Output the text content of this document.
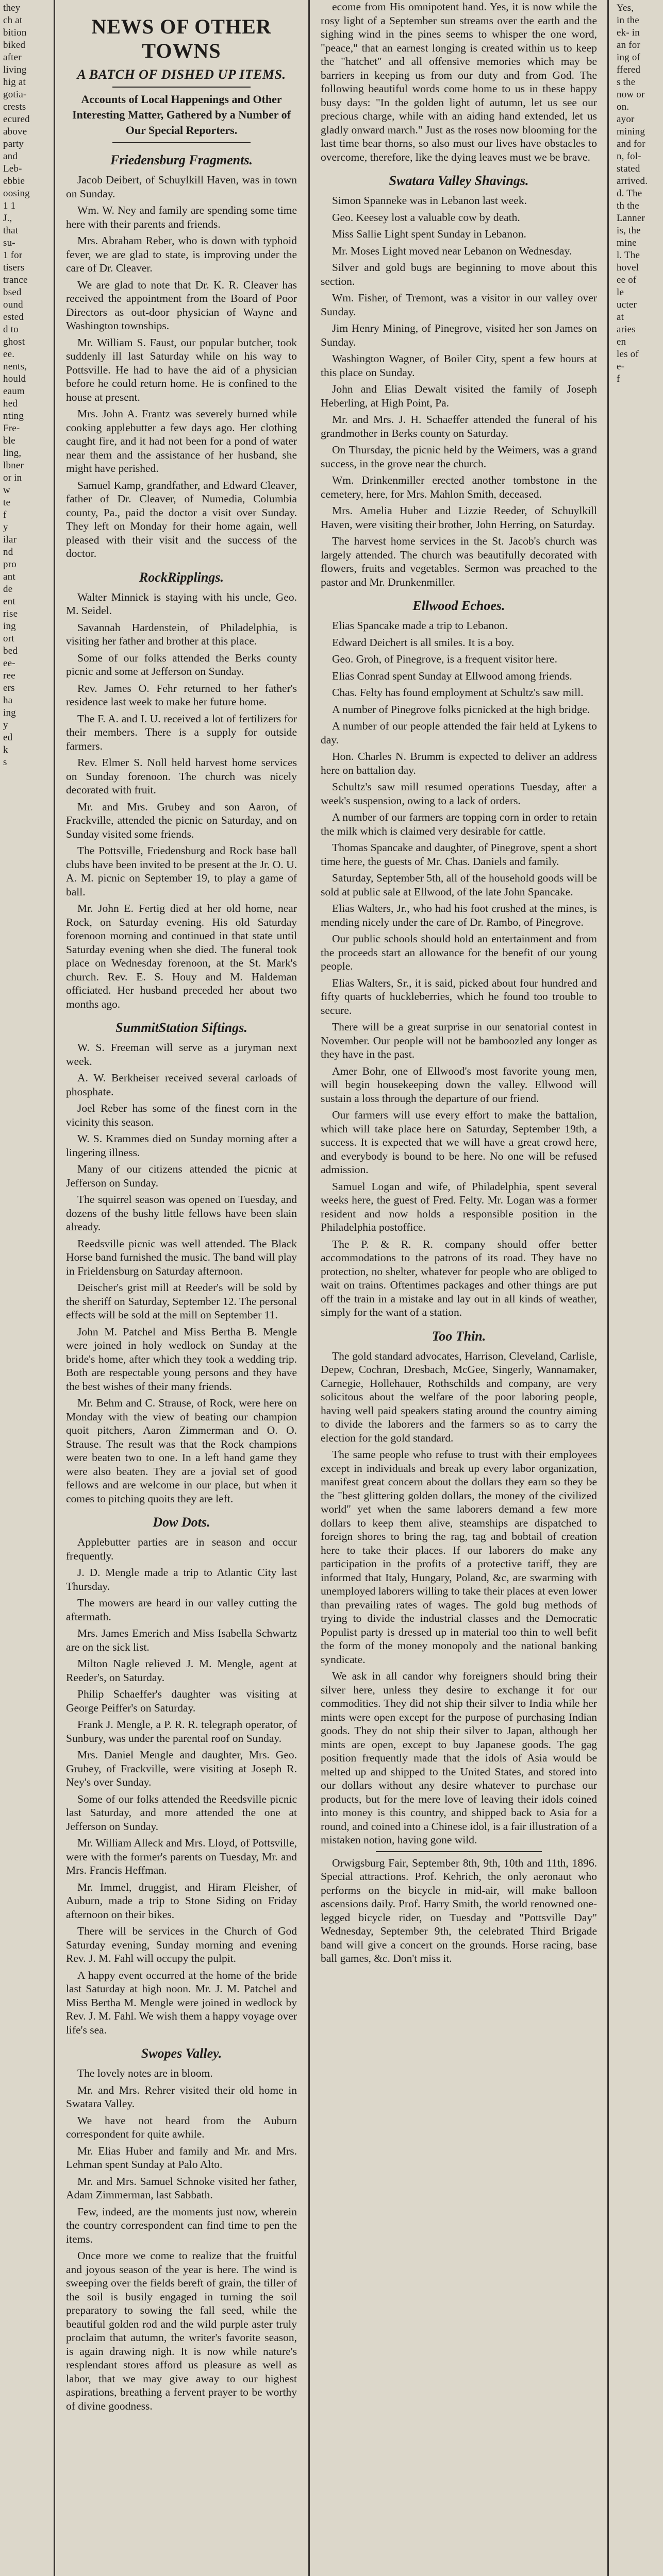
they
ch at
bition
biked
after
living
hig at
gotia-
crests
ecured
above
party
and
Leb-
ebbie
oosing
1 1
J.,
that
su-
1 for
tisers
trance
bsed
ound
ested
d to
ghost
ee.
nents,
hould
eaum
hed
nting
Fre-
ble
ling,
lbner
or in
w
te
f
y
ilar
nd
pro
ant
de
ent
rise
ing
ort
bed
ee-
ree
ers
ha
ing
y
ed
k
s
NEWS OF OTHER TOWNS
A BATCH OF DISHED UP ITEMS.
Accounts of Local Happenings and Other Interesting Matter, Gathered by a Number of Our Special Reporters.
Friedensburg Fragments.

Jacob Deibert, of Schuylkill Haven, was in town on Sunday.

Wm. W. Ney and family are spending some time here with their parents and friends.

Mrs. Abraham Reber, who is down with typhoid fever, we are glad to state, is improving under the care of Dr. Cleaver.

We are glad to note that Dr. K. R. Cleaver has received the appointment from the Board of Poor Directors as out-door physician of Wayne and Washington townships.

Mr. William S. Faust, our popular butcher, took suddenly ill last Saturday while on his way to Pottsville. He had to have the aid of a physician before he could return home. He is confined to the house at present.

Mrs. John A. Frantz was severely burned while cooking applebutter a few days ago. Her clothing caught fire, and it had not been for a pond of water near them and the assistance of her husband, she might have perished.

Samuel Kamp, grandfather, and Edward Cleaver, father of Dr. Cleaver, of Numedia, Columbia county, Pa., paid the doctor a visit over Sunday. They left on Monday for their home again, well pleased with their visit and the success of the doctor.

RockRipplings.

Walter Minnick is staying with his uncle, Geo. M. Seidel.

Savannah Hardenstein, of Philadelphia, is visiting her father and brother at this place.

Some of our folks attended the Berks county picnic and some at Jefferson on Sunday.

Rev. James O. Fehr returned to her father's residence last week to make her future home.

The F. A. and I. U. received a lot of fertilizers for their members. There is a supply for outside farmers.

Rev. Elmer S. Noll held harvest home services on Sunday forenoon. The church was nicely decorated with fruit.

Mr. and Mrs. Grubey and son Aaron, of Frackville, attended the picnic on Saturday, and on Sunday visited some friends.

The Pottsville, Friedensburg and Rock base ball clubs have been invited to be present at the Jr. O. U. A. M. picnic on September 19, to play a game of ball.

Mr. John E. Fertig died at her old home, near Rock, on Saturday evening. His old Saturday forenoon morning and continued in that state until Saturday evening when she died. The funeral took place on Wednesday forenoon, at the St. Mark's church. Rev. E. S. Houy and M. Haldeman officiated. Her husband preceded her about two months ago.

SummitStation Siftings.

W. S. Freeman will serve as a juryman next week.

A. W. Berkheiser received several carloads of phosphate.

Joel Reber has some of the finest corn in the vicinity this season.

W. S. Krammes died on Sunday morning after a lingering illness.

Many of our citizens attended the picnic at Jefferson on Sunday.

The squirrel season was opened on Tuesday, and dozens of the bushy little fellows have been slain already.

Reedsville picnic was well attended. The Black Horse band furnished the music. The band will play in Frieldensburg on Saturday afternoon.

Deischer's grist mill at Reeder's will be sold by the sheriff on Saturday, September 12. The personal effects will be sold at the mill on September 11.

John M. Patchel and Miss Bertha B. Mengle were joined in holy wedlock on Sunday at the bride's home, after which they took a wedding trip. Both are respectable young persons and they have the best wishes of their many friends.

Mr. Behm and C. Strause, of Rock, were here on Monday with the view of beating our champion quoit pitchers, Aaron Zimmerman and O. O. Strause. The result was that the Rock champions were beaten two to one. In a left hand game they were also beaten. They are a jovial set of good fellows and are welcome in our place, but when it comes to pitching quoits they are left.

Dow Dots.

Applebutter parties are in season and occur frequently.

J. D. Mengle made a trip to Atlantic City last Thursday.

The mowers are heard in our valley cutting the aftermath.

Mrs. James Emerich and Miss Isabella Schwartz are on the sick list.

Milton Nagle relieved J. M. Mengle, agent at Reeder's, on Saturday.

Philip Schaeffer's daughter was visiting at George Peiffer's on Saturday.

Frank J. Mengle, a P. R. R. telegraph operator, of Sunbury, was under the parental roof on Sunday.

Mrs. Daniel Mengle and daughter, Mrs. Geo. Grubey, of Frackville, were visiting at Joseph R. Ney's over Sunday.

Some of our folks attended the Reedsville picnic last Saturday, and more attended the one at Jefferson on Sunday.

Mr. William Alleck and Mrs. Lloyd, of Pottsville, were with the former's parents on Tuesday, Mr. and Mrs. Francis Heffman.

Mr. Immel, druggist, and Hiram Fleisher, of Auburn, made a trip to Stone Siding on Friday afternoon on their bikes.

There will be services in the Church of God Saturday evening, Sunday morning and evening Rev. J. M. Fahl will occupy the pulpit.

A happy event occurred at the home of the bride last Saturday at high noon. Mr. J. M. Patchel and Miss Bertha M. Mengle were joined in wedlock by Rev. J. M. Fahl. We wish them a happy voyage over life's sea.

Swopes Valley.

The lovely notes are in bloom.

Mr. and Mrs. Rehrer visited their old home in Swatara Valley.

We have not heard from the Auburn correspondent for quite awhile.

Mr. Elias Huber and family and Mr. and Mrs. Lehman spent Sunday at Palo Alto.

Mr. and Mrs. Samuel Schnoke visited her father, Adam Zimmerman, last Sabbath.

Few, indeed, are the moments just now, wherein the country correspondent can find time to pen the items.

Once more we come to realize that the fruitful and joyous season of the year is here. The wind is sweeping over the fields bereft of grain, the tiller of the soil is busily engaged in turning the soil preparatory to sowing the fall seed, while the beautiful golden rod and the wild purple aster truly proclaim that autumn, the writer's favorite season, is again drawing nigh. It is now while nature's resplendant stores afford us pleasure as well as labor, that we may give away to our highest aspirations, breathing a fervent prayer to be worthy of divine goodness.

ecome from His omnipotent hand. Yes, it is now while the rosy light of a September sun streams over the earth and the sighing wind in the pines seems to whisper the one word, "peace," that an earnest longing is created within us to keep the "hatchet" and all offensive memories which may be barriers in keeping us from our duty and from God. The following beautiful words come home to us in these happy busy days: "In the golden light of autumn, let us see our precious charge, while with an aiding hand extended, let us gladly onward march." Just as the roses now blooming for the last time bear thorns, so also must our lives have obstacles to overcome, therefore, like the dying leaves must we be brave.

Swatara Valley Shavings.

Simon Spanneke was in Lebanon last week.

Geo. Keesey lost a valuable cow by death.

Miss Sallie Light spent Sunday in Lebanon.

Mr. Moses Light moved near Lebanon on Wednesday.

Silver and gold bugs are beginning to move about this section.

Wm. Fisher, of Tremont, was a visitor in our valley over Sunday.

Jim Henry Mining, of Pinegrove, visited her son James on Sunday.

Washington Wagner, of Boiler City, spent a few hours at this place on Sunday.

John and Elias Dewalt visited the family of Joseph Heberling, at High Point, Pa.

Mr. and Mrs. J. H. Schaeffer attended the funeral of his grandmother in Berks county on Saturday.

On Thursday, the picnic held by the Weimers, was a grand success, in the grove near the church.

Wm. Drinkenmiller erected another tombstone in the cemetery, here, for Mrs. Mahlon Smith, deceased.

Mrs. Amelia Huber and Lizzie Reeder, of Schuylkill Haven, were visiting their brother, John Herring, on Saturday.

The harvest home services in the St. Jacob's church was largely attended. The church was beautifully decorated with flowers, fruits and vegetables. Sermon was preached to the pastor and Mr. Drunkenmiller.

Ellwood Echoes.

Elias Spancake made a trip to Lebanon.

Edward Deichert is all smiles. It is a boy.

Geo. Groh, of Pinegrove, is a frequent visitor here.

Elias Conrad spent Sunday at Ellwood among friends.

Chas. Felty has found employment at Schultz's saw mill.

A number of Pinegrove folks picnicked at the high bridge.

A number of our people attended the fair held at Lykens to day.

Hon. Charles N. Brumm is expected to deliver an address here on battalion day.

Schultz's saw mill resumed operations Tuesday, after a week's suspension, owing to a lack of orders.

A number of our farmers are topping corn in order to retain the milk which is claimed very desirable for cattle.

Thomas Spancake and daughter, of Pinegrove, spent a short time here, the guests of Mr. Chas. Daniels and family.

Saturday, September 5th, all of the household goods will be sold at public sale at Ellwood, of the late John Spancake.

Elias Walters, Jr., who had his foot crushed at the mines, is mending nicely under the care of Dr. Rambo, of Pinegrove.

Our public schools should hold an entertainment and from the proceeds start an allowance for the benefit of our young people.

Elias Walters, Sr., it is said, picked about four hundred and fifty quarts of huckleberries, which he found too trouble to secure.

There will be a great surprise in our senatorial contest in November. Our people will not be bamboozled any longer as they have in the past.

Amer Bohr, one of Ellwood's most favorite young men, will begin housekeeping down the valley. Ellwood will sustain a loss through the departure of our friend.

Our farmers will use every effort to make the battalion, which will take place here on Saturday, September 19th, a success. It is expected that we will have a great crowd here, and everybody is bound to be here. No one will be refused admission.

Samuel Logan and wife, of Philadelphia, spent several weeks here, the guest of Fred. Felty. Mr. Logan was a former resident and now holds a responsible position in the Philadelphia postoffice.

The P. & R. R. company should offer better accommodations to the patrons of its road. They have no protection, no shelter, whatever for people who are obliged to wait on trains. Oftentimes packages and other things are put off the train in a mistake and lay out in all kinds of weather, simply for the want of a station.

Too Thin.

The gold standard advocates, Harrison, Cleveland, Carlisle, Depew, Cochran, Dresbach, McGee, Singerly, Wannamaker, Carnegie, Hollehauer, Rothschilds and company, are very solicitous about the welfare of the poor laboring people, having well paid speakers stating around the country aiming to divide the laborers and the farmers so as to carry the election for the gold standard.

The same people who refuse to trust with their employees except in individuals and break up every labor organization, manifest great concern about the dollars they earn so they be the "best glittering golden dollars, the money of the civilized world" yet when the same laborers demand a few more dollars to keep them alive, steamships are dispatched to foreign shores to bring the rag, tag and bobtail of creation here to take their places. If our laborers do make any participation in the profits of a protective tariff, they are informed that Italy, Hungary, Poland, &c, are swarming with unemployed laborers willing to take their places at even lower than prevailing rates of wages. The gold bug methods of trying to divide the industrial classes and the Democratic Populist party is dressed up in material too thin to well befit the form of the money monopoly and the national banking syndicate.

We ask in all candor why foreigners should bring their silver here, unless they desire to exchange it for our commodities. They did not ship their silver to India while her mints were open except for the purpose of purchasing Indian goods. They do not ship their silver to Japan, although her mints are open, except to buy Japanese goods. The gag position frequently made that the idols of Asia would be melted up and shipped to the United States, and stored into our dollars without any desire whatever to purchase our products, but for the mere love of leaving their idols coined into money is this country, and shipped back to Asia for a round, and coined into a Chinese idol, is a fair illustration of a mistaken notion, having gone wild.

Orwigsburg Fair, September 8th, 9th, 10th and 11th, 1896. Special attractions. Prof. Kehrich, the only aeronaut who performs on the bicycle in mid-air, will make balloon ascensions daily. Prof. Harry Smith, the world renowned one-legged bicycle rider, on Tuesday and "Pottsville Day" Wednesday, September 9th, the celebrated Third Brigade band will give a concert on the grounds. Horse racing, base ball games, &c. Don't miss it.

Yes,
in the
ek- in
an for
ing of
ffered
s the
now or
on.
ayor
mining
and for
n, fol-
stated
arrived.
d. The
th the
Lanner
is, the
mine
l. The
hovel
ee of
le
ucter
at
aries
en
les of
e-
f
